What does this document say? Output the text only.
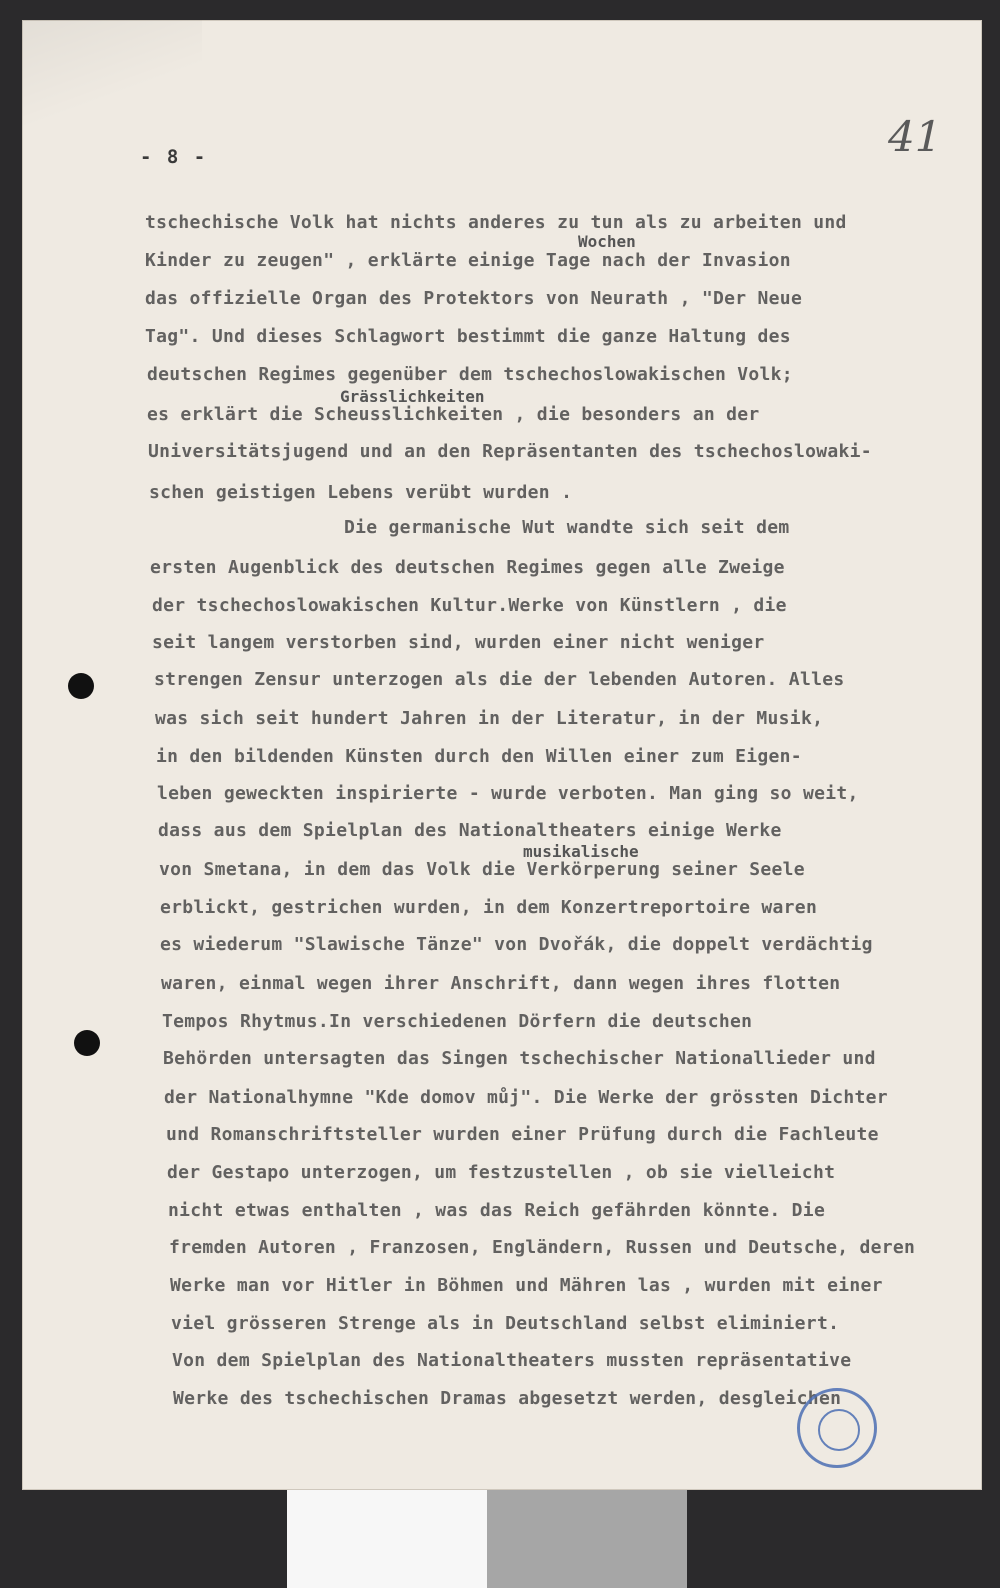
- 8 -	41
Wochen
Grässlichkeiten
musikalische
tschechische Volk hat nichts anderes zu tun als zu arbeiten und
Kinder zu zeugen" , erklärte einige Tage nach der Invasion
das offizielle Organ des Protektors von Neurath , "Der Neue
Tag". Und dieses Schlagwort bestimmt die ganze Haltung des
deutschen Regimes gegenüber dem tschechoslowakischen Volk;
es erklärt die Scheusslichkeiten , die besonders an der
Universitätsjugend und an den Repräsentanten des tschechoslowaki-
schen geistigen Lebens verübt wurden .
Die germanische Wut wandte sich seit dem
ersten Augenblick des deutschen Regimes gegen alle Zweige
der tschechoslowakischen Kultur.Werke von Künstlern , die
seit langem verstorben sind, wurden einer nicht weniger
strengen Zensur unterzogen als die der lebenden Autoren. Alles
was sich seit hundert Jahren in der Literatur, in der Musik,
in den bildenden Künsten durch den Willen einer zum Eigen-
leben geweckten inspirierte - wurde verboten. Man ging so weit,
dass aus dem Spielplan des Nationaltheaters einige Werke
von Smetana, in dem das Volk die Verkörperung seiner Seele
erblickt, gestrichen wurden, in dem Konzertreportoire waren
es wiederum "Slawische Tänze" von Dvořák, die doppelt verdächtig
waren, einmal wegen ihrer Anschrift, dann wegen ihres flotten
Tempos Rhytmus.In verschiedenen Dörfern die deutschen
Behörden untersagten das Singen tschechischer Nationallieder und
der Nationalhymne "Kde domov můj". Die Werke der grössten Dichter
und Romanschriftsteller wurden einer Prüfung durch die Fachleute
der Gestapo unterzogen, um festzustellen , ob sie vielleicht
nicht etwas enthalten , was das Reich gefährden könnte. Die
fremden Autoren , Franzosen, Engländern, Russen und Deutsche, deren
Werke man vor Hitler in Böhmen und Mähren las , wurden mit einer
viel grösseren Strenge als in Deutschland selbst eliminiert.
Von dem Spielplan des Nationaltheaters mussten repräsentative
Werke des tschechischen Dramas abgesetzt werden, desgleichen
